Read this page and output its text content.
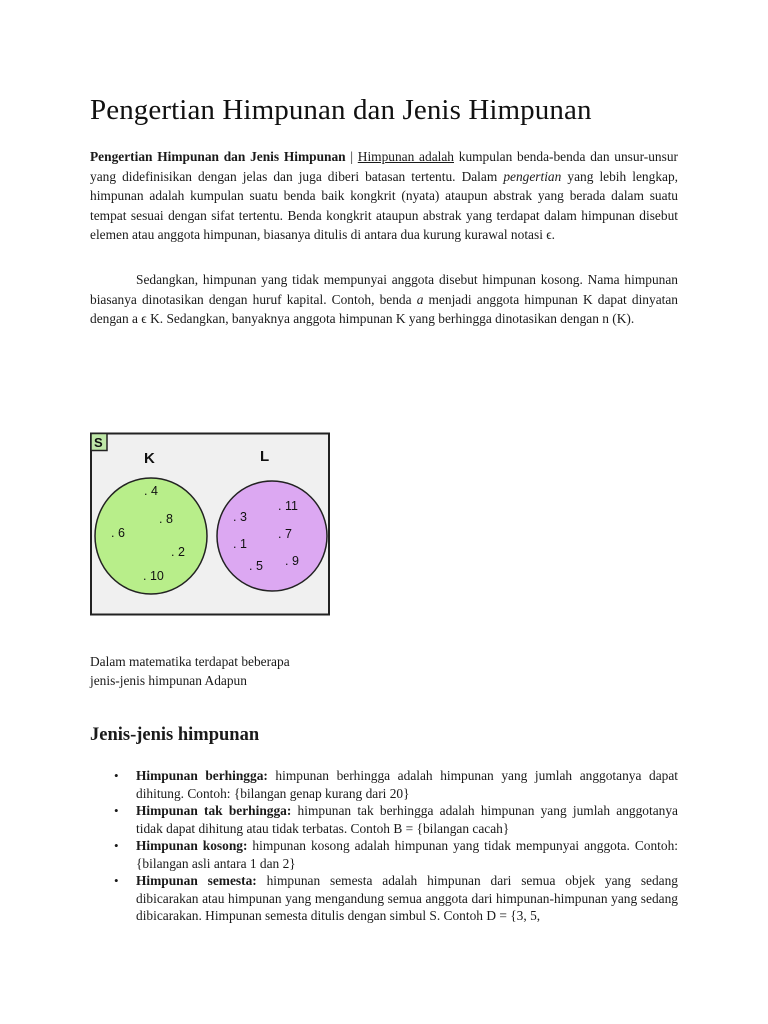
Pengertian Himpunan dan Jenis Himpunan

Pengertian Himpunan dan Jenis Himpunan | Himpunan adalah kumpulan benda-benda dan unsur-unsur yang didefinisikan dengan jelas dan juga diberi batasan tertentu. Dalam pengertian yang lebih lengkap, himpunan adalah kumpulan suatu benda baik kongkrit (nyata) ataupun abstrak yang berada dalam suatu tempat sesuai dengan sifat tertentu. Benda kongkrit ataupun abstrak yang terdapat dalam himpunan disebut elemen atau anggota himpunan, biasanya ditulis di antara dua kurung kurawal notasi ϵ.

Sedangkan, himpunan yang tidak mempunyai anggota disebut himpunan kosong. Nama himpunan biasanya dinotasikan dengan huruf kapital. Contoh, benda a menjadi anggota himpunan K dapat dinyatan dengan a ϵ K. Sedangkan, banyaknya anggota himpunan K yang berhingga dinotasikan dengan n (K).

S
K	L
. 4
. 8
. 6
. 2
. 10
. 11
. 3
. 7
. 1
. 5 . 9

Dalam matematika terdapat beberapa
jenis-jenis himpunan Adapun

Jenis-jenis himpunan
• Himpunan berhingga: himpunan berhingga adalah himpunan yang jumlah anggotanya dapat dihitung. Contoh: {bilangan genap kurang dari 20}
• Himpunan tak berhingga: himpunan tak berhingga adalah himpunan yang jumlah anggotanya tidak dapat dihitung atau tidak terbatas. Contoh B = {bilangan cacah}
• Himpunan kosong: himpunan kosong adalah himpunan yang tidak mempunyai anggota. Contoh: {bilangan asli antara 1 dan 2}
• Himpunan semesta: himpunan semesta adalah himpunan dari semua objek yang sedang dibicarakan atau himpunan yang mengandung semua anggota dari himpunan-himpunan yang sedang dibicarakan. Himpunan semesta ditulis dengan simbul S. Contoh D = {3, 5,
